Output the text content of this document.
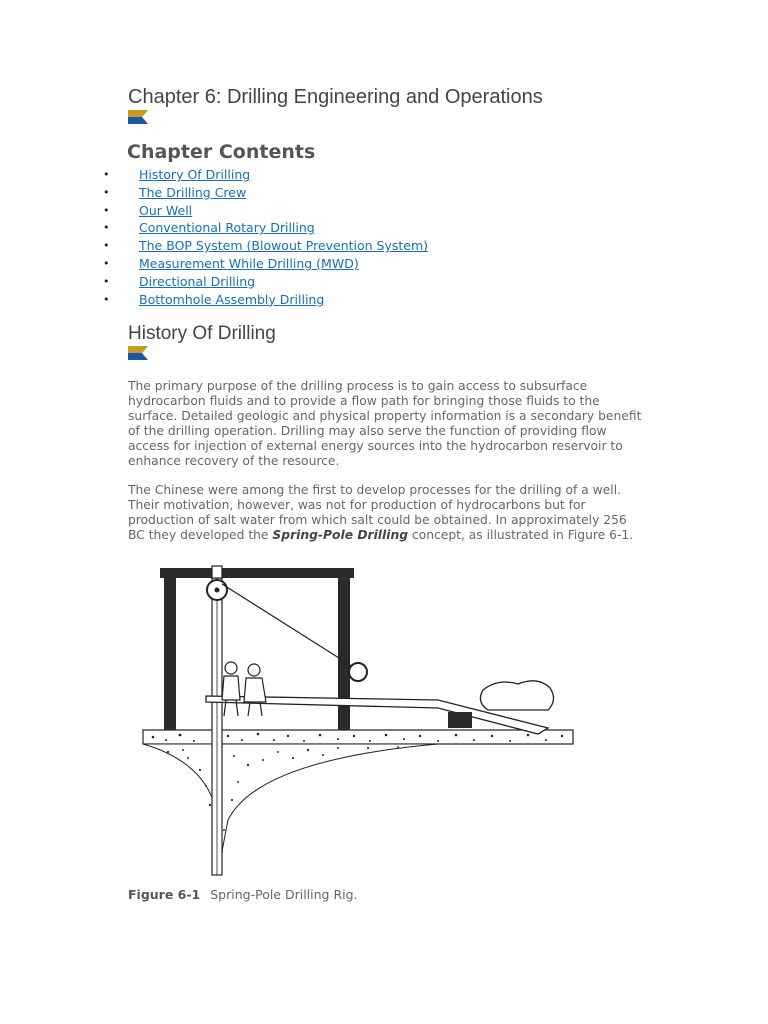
Chapter 6: Drilling Engineering and Operations
Chapter Contents
• History Of Drilling
• The Drilling Crew
• Our Well
• Conventional Rotary Drilling
• The BOP System (Blowout Prevention System)
• Measurement While Drilling (MWD)
• Directional Drilling
• Bottomhole Assembly Drilling
History Of Drilling

The primary purpose of the drilling process is to gain access to subsurface
hydrocarbon fluids and to provide a flow path for bringing those fluids to the
surface. Detailed geologic and physical property information is a secondary benefit
of the drilling operation. Drilling may also serve the function of providing flow
access for injection of external energy sources into the hydrocarbon reservoir to
enhance recovery of the resource.

The Chinese were among the first to develop processes for the drilling of a well.
Their motivation, however, was not for production of hydrocarbons but for
production of salt water from which salt could be obtained. In approximately 256
BC they developed the Spring-Pole Drilling concept, as illustrated in Figure 6-1.

Figure 6-1 Spring-Pole Drilling Rig.
